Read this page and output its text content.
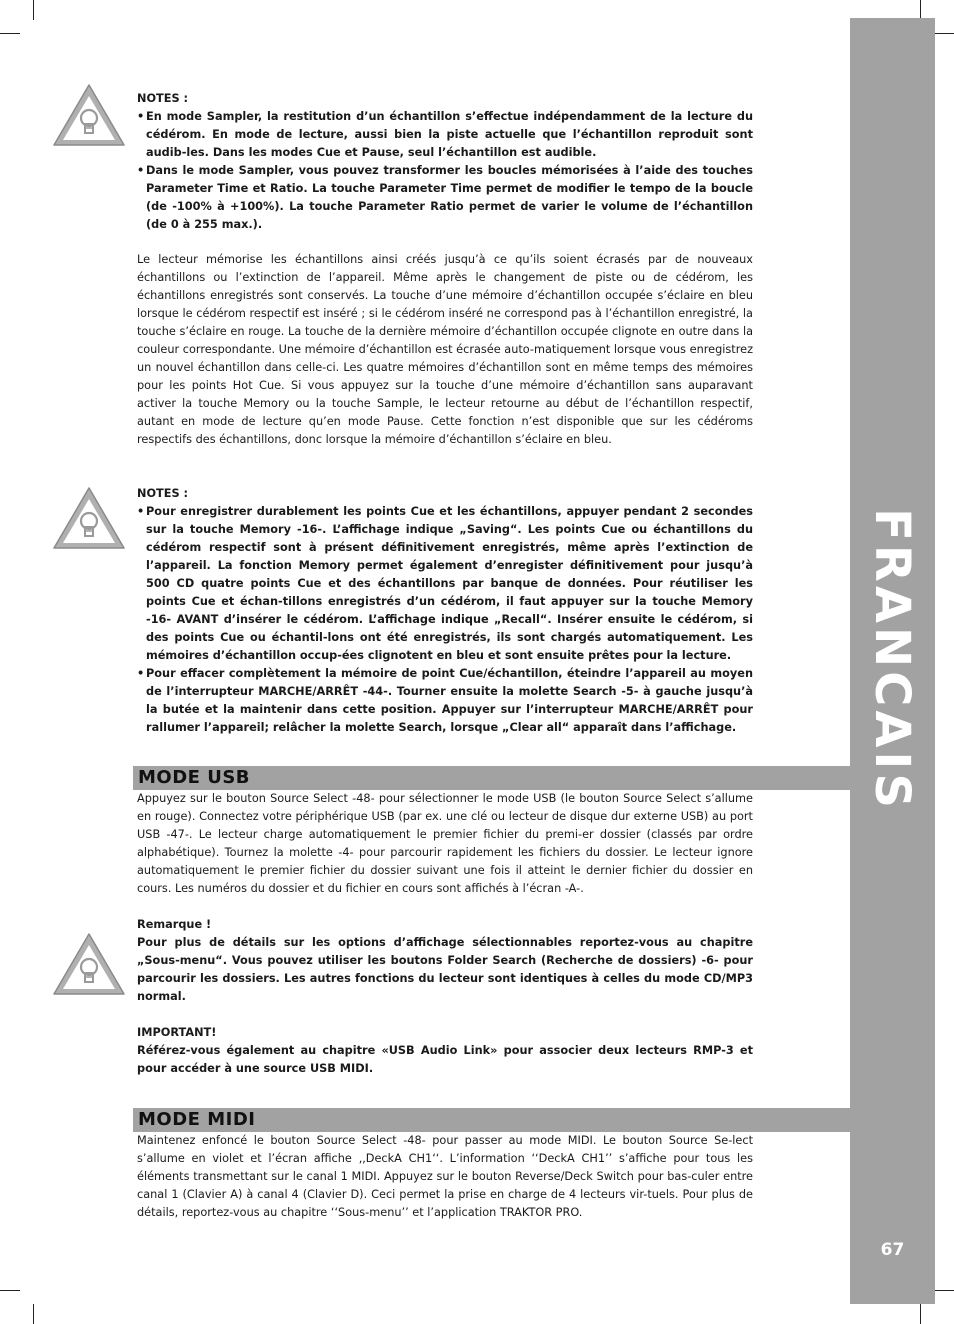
FRANCAIS
67

NOTES :

• En mode Sampler, la restitution d’un échantillon s’effectue indépendamment de la lecture du cédérom. En mode de lecture, aussi bien la piste actuelle que l’échantillon reproduit sont audib-les. Dans les modes Cue et Pause, seul l’échantillon est audible.
• Dans le mode Sampler, vous pouvez transformer les boucles mémorisées à l’aide des touches Parameter Time et Ratio. La touche Parameter Time permet de modifier le tempo de la boucle (de -100% à +100%). La touche Parameter Ratio permet de varier le volume de l’échantillon (de 0 à 255 max.).
Le lecteur mémorise les échantillons ainsi créés jusqu’à ce qu’ils soient écrasés par de nouveaux échantillons ou l’extinction de l’appareil. Même après le changement de piste ou de cédérom, les échantillons enregistrés sont conservés. La touche d’une mémoire d’échantillon occupée s’éclaire en bleu lorsque le cédérom respectif est inséré ; si le cédérom inséré ne correspond pas à l’échantillon enregistré, la touche s’éclaire en rouge. La touche de la dernière mémoire d’échantillon occupée clignote en outre dans la couleur correspondante. Une mémoire d’échantillon est écrasée auto-matiquement lorsque vous enregistrez un nouvel échantillon dans celle-ci. Les quatre mémoires d’échantillon sont en même temps des mémoires pour les points Hot Cue. Si vous appuyez sur la touche d’une mémoire d’échantillon sans auparavant activer la touche Memory ou la touche Sample, le lecteur retourne au début de l’échantillon respectif, autant en mode de lecture qu’en mode Pause. Cette fonction n’est disponible que sur les cédéroms respectifs des échantillons, donc lorsque la mémoire d’échantillon s’éclaire en bleu.

NOTES :

• Pour enregistrer durablement les points Cue et les échantillons, appuyer pendant 2 secondes sur la touche Memory -16-. L’affichage indique „Saving“. Les points Cue ou échantillons du cédérom respectif sont à présent définitivement enregistrés, même après l’extinction de l’appareil. La fonction Memory permet également d’enregister définitivement pour jusqu’à 500 CD quatre points Cue et des échantillons par banque de données. Pour réutiliser les points Cue et échan-tillons enregistrés d’un cédérom, il faut appuyer sur la touche Memory -16- AVANT d’insérer le cédérom. L’affichage indique „Recall“. Insérer ensuite le cédérom, si des points Cue ou échantil-lons ont été enregistrés, ils sont chargés automatiquement. Les mémoires d’échantillon occup-ées clignotent en bleu et sont ensuite prêtes pour la lecture.
• Pour effacer complètement la mémoire de point Cue/échantillon, éteindre l’appareil au moyen de l’interrupteur MARCHE/ARRÊT -44-. Tourner ensuite la molette Search -5- à gauche jusqu’à la butée et la maintenir dans cette position. Appuyer sur l’interrupteur MARCHE/ARRÊT pour rallumer l’appareil; relâcher la molette Search, lorsque „Clear all“ apparaît dans l’affichage.
MODE USB

Appuyez sur le bouton Source Select -48- pour sélectionner le mode USB (le bouton Source Select s’allume en rouge). Connectez votre périphérique USB (par ex. une clé ou lecteur de disque dur externe USB) au port USB -47-. Le lecteur charge automatiquement le premier fichier du premi-er dossier (classés par ordre alphabétique). Tournez la molette -4- pour parcourir rapidement les fichiers du dossier. Le lecteur ignore automatiquement le premier fichier du dossier suivant une fois il atteint le dernier fichier du dossier en cours. Les numéros du dossier et du fichier en cours sont affichés à l’écran -A-.

Remarque !

Pour plus de détails sur les options d’affichage sélectionnables reportez-vous au chapitre „Sous-menu“. Vous pouvez utiliser les boutons Folder Search (Recherche de dossiers) -6- pour parcourir les dossiers. Les autres fonctions du lecteur sont identiques à celles du mode CD/MP3 normal.

IMPORTANT!

Référez-vous également au chapitre «USB Audio Link» pour associer deux lecteurs RMP-3 et pour accéder à une source USB MIDI.

MODE MIDI
Maintenez enfoncé le bouton Source Select -48- pour passer au mode MIDI. Le bouton Source Se-lect s’allume en violet et l’écran affiche ‚‚DeckA CH1‘‘. L’information ‘‘DeckA CH1’’ s’affiche pour tous les éléments transmettant sur le canal 1 MIDI. Appuyez sur le bouton Reverse/Deck Switch pour bas-culer entre canal 1 (Clavier A) à canal 4 (Clavier D). Ceci permet la prise en charge de 4 lecteurs vir-tuels. Pour plus de détails, reportez-vous au chapitre ‘‘Sous-menu’’ et l’application TRAKTOR PRO.
